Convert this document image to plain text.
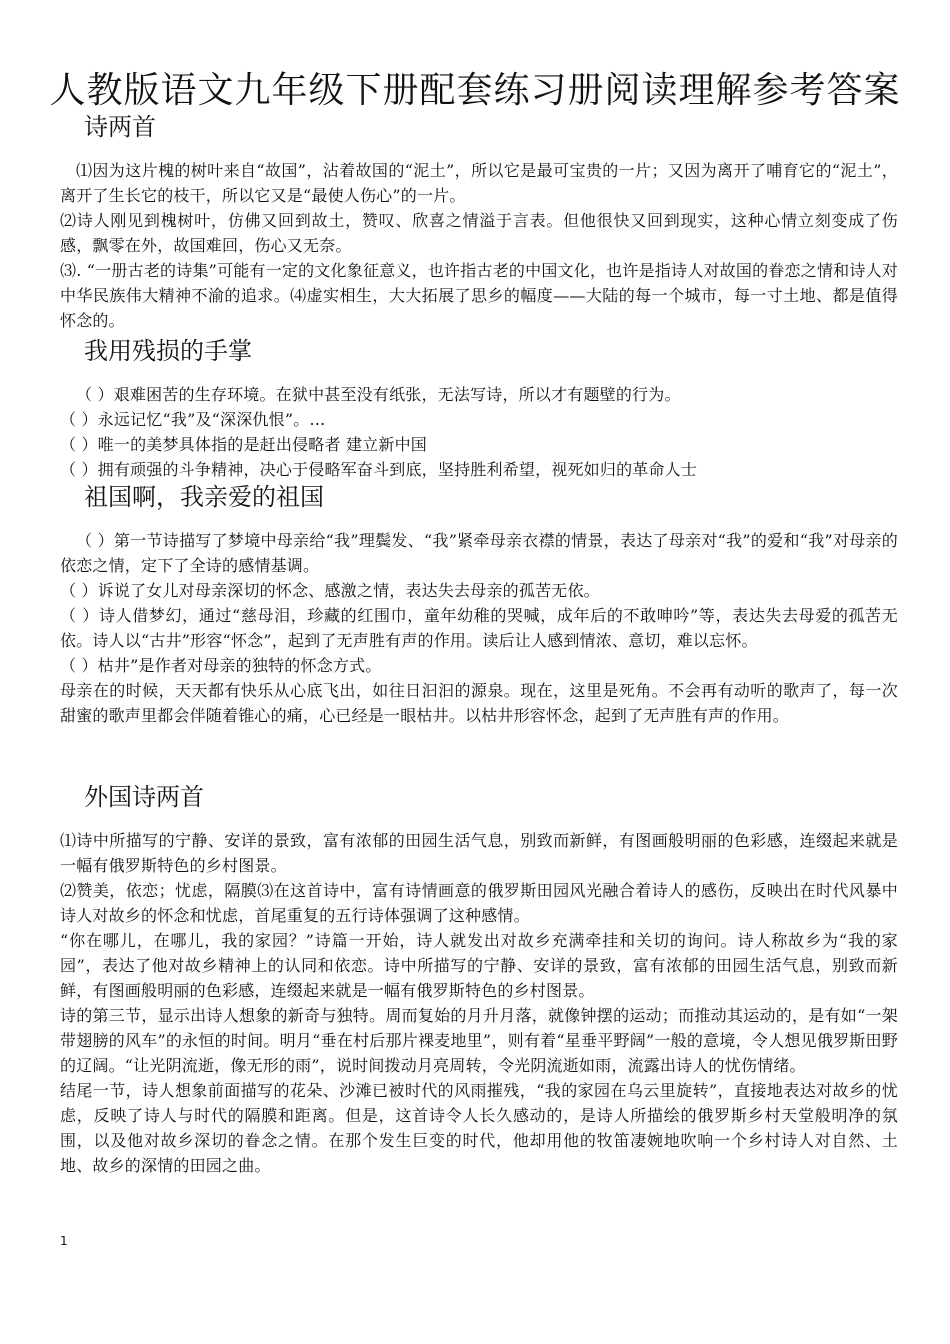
人教版语文九年级下册配套练习册阅读理解参考答案
诗两首

⑴因为这片槐的树叶来自“故国”，沾着故国的“泥土”，所以它是最可宝贵的一片；又因为离开了哺育它的“泥土”，离开了生长它的枝干，所以它又是“最使人伤心”的一片。

⑵诗人刚见到槐树叶，仿佛又回到故土，赞叹、欣喜之情溢于言表。但他很快又回到现实，这种心情立刻变成了伤感，飘零在外，故国难回，伤心又无奈。

⑶. “一册古老的诗集”可能有一定的文化象征意义，也许指古老的中国文化，也许是指诗人对故国的眷恋之情和诗人对中华民族伟大精神不渝的追求。⑷虚实相生，大大拓展了思乡的幅度——大陆的每一个城市，每一寸土地、都是值得怀念的。

我用残损的手掌

（ ）艰难困苦的生存环境。在狱中甚至没有纸张，无法写诗，所以才有题壁的行为。

（ ）永远记忆“我”及“深深仇恨”。…

（ ）唯一的美梦具体指的是赶出侵略者 建立新中国

（ ）拥有顽强的斗争精神，决心于侵略军奋斗到底，坚持胜利希望，视死如归的革命人士

祖国啊，我亲爱的祖国

（ ）第一节诗描写了梦境中母亲给“我”理鬓发、“我”紧牵母亲衣襟的情景，表达了母亲对“我”的爱和“我”对母亲的依恋之情，定下了全诗的感情基调。

（ ）诉说了女儿对母亲深切的怀念、感激之情，表达失去母亲的孤苦无依。

（ ）诗人借梦幻，通过“慈母泪，珍藏的红围巾，童年幼稚的哭喊，成年后的不敢呻吟”等，表达失去母爱的孤苦无依。诗人以“古井”形容“怀念”，起到了无声胜有声的作用。读后让人感到情浓、意切，难以忘怀。

（ ）枯井”是作者对母亲的独特的怀念方式。

母亲在的时候，天天都有快乐从心底飞出，如往日汩汩的源泉。现在，这里是死角。不会再有动听的歌声了，每一次甜蜜的歌声里都会伴随着锥心的痛，心已经是一眼枯井。以枯井形容怀念，起到了无声胜有声的作用。

外国诗两首

⑴诗中所描写的宁静、安详的景致，富有浓郁的田园生活气息，别致而新鲜，有图画般明丽的色彩感，连缀起来就是一幅有俄罗斯特色的乡村图景。

⑵赞美，依恋；忧虑，隔膜⑶在这首诗中，富有诗情画意的俄罗斯田园风光融合着诗人的感伤，反映出在时代风暴中诗人对故乡的怀念和忧虑，首尾重复的五行诗体强调了这种感情。

“你在哪儿，在哪儿，我的家园？”诗篇一开始，诗人就发出对故乡充满牵挂和关切的询问。诗人称故乡为“我的家园”，表达了他对故乡精神上的认同和依恋。诗中所描写的宁静、安详的景致，富有浓郁的田园生活气息，别致而新鲜，有图画般明丽的色彩感，连缀起来就是一幅有俄罗斯特色的乡村图景。

诗的第三节，显示出诗人想象的新奇与独特。周而复始的月升月落，就像钟摆的运动；而推动其运动的，是有如“一架带翅膀的风车”的永恒的时间。明月“垂在村后那片裸麦地里”，则有着“星垂平野阔”一般的意境，令人想见俄罗斯田野的辽阔。“让光阴流逝，像无形的雨”，说时间拨动月亮周转，令光阴流逝如雨，流露出诗人的忧伤情绪。

结尾一节，诗人想象前面描写的花朵、沙滩已被时代的风雨摧残，“我的家园在乌云里旋转”，直接地表达对故乡的忧虑，反映了诗人与时代的隔膜和距离。但是，这首诗令人长久感动的，是诗人所描绘的俄罗斯乡村天堂般明净的氛围，以及他对故乡深切的眷念之情。在那个发生巨变的时代，他却用他的牧笛凄婉地吹响一个乡村诗人对自然、土地、故乡的深情的田园之曲。

1
